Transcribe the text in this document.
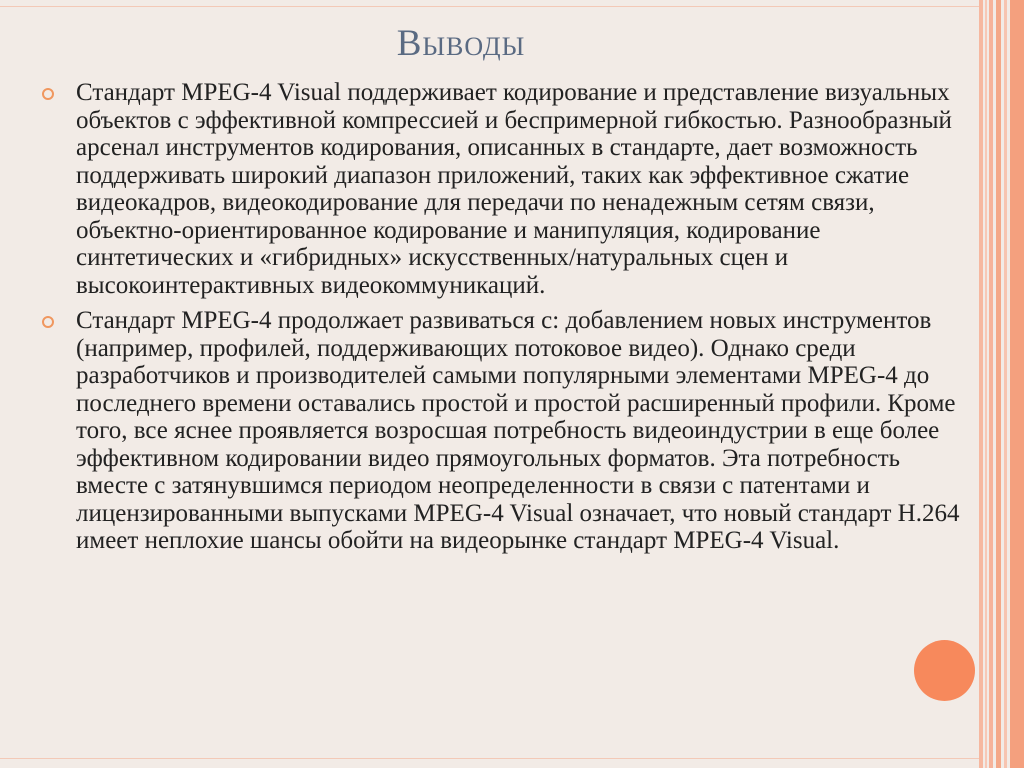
Выводы
Стандарт MPEG-4 Visual поддерживает кодирование и представление визуальных объектов с эффективной компрессией и беспримерной гибкостью. Разнообразный арсенал инструментов кодирования, описанных в стандарте, дает возможность поддерживать широкий диапазон приложений, таких как эффективное сжатие видеокадров, видеокодирование для передачи по ненадежным сетям связи, объектно-ориентированное кодирование и манипуляция, кодирование синтетических и «гибридных» искусственных/натуральных сцен и высокоинтерактивных видеокоммуникаций.
Стандарт MPEG-4 продолжает развиваться с: добавлением новых инструментов (например, профилей, поддерживающих потоковое видео). Однако среди разработчиков и производителей самыми популярными элементами MPEG-4 до последнего времени оставались простой и простой расширенный профили. Кроме того, все яснее проявляется возросшая потребность видеоиндустрии в еще более эффективном кодировании видео прямоугольных форматов. Эта потребность вместе с затянувшимся периодом неопределенности в связи с патентами и лицензированными выпусками MPEG-4 Visual означает, что новый стандарт H.264 имеет неплохие шансы обойти на видеорынке стандарт MPEG-4 Visual.
